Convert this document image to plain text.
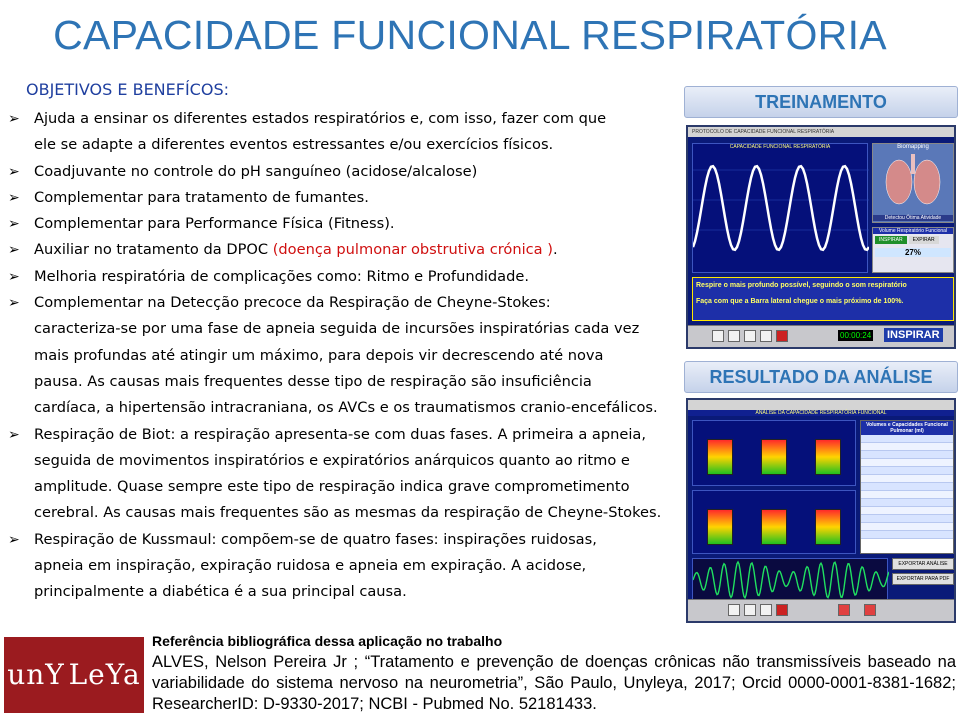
CAPACIDADE FUNCIONAL RESPIRATÓRIA
OBJETIVOS E BENEFÍCOS:
➢ Ajuda a ensinar os diferentes estados respiratórios e, com isso, fazer com que
ele se adapte a diferentes eventos estressantes e/ou exercícios físicos.
➢ Coadjuvante no controle do pH sanguíneo (acidose/alcalose)
➢ Complementar para tratamento de fumantes.
➢ Complementar para Performance Física (Fitness).
➢ Auxiliar no tratamento da DPOC (doença pulmonar obstrutiva crónica ).
➢ Melhoria respiratória de complicações como: Ritmo e Profundidade.
➢ Complementar na Detecção precoce da Respiração de Cheyne-Stokes:
caracteriza-se por uma fase de apneia seguida de incursões inspiratórias cada vez
mais profundas até atingir um máximo, para depois vir decrescendo até nova
pausa. As causas mais frequentes desse tipo de respiração são insuficiência
cardíaca, a hipertensão intracraniana, os AVCs e os traumatismos cranio-encefálicos.
➢ Respiração de Biot: a respiração apresenta-se com duas fases. A primeira a apneia,
seguida de movimentos inspiratórios e expiratórios anárquicos quanto ao ritmo e
amplitude. Quase sempre este tipo de respiração indica grave comprometimento
cerebral. As causas mais frequentes são as mesmas da respiração de Cheyne-Stokes.
➢ Respiração de Kussmaul: compõem-se de quatro fases: inspirações ruidosas,
apneia em inspiração, expiração ruidosa e apneia em expiração. A acidose,
principalmente a diabética é a sua principal causa.
TREINAMENTO
PROTOCOLO DE CAPACIDADE FUNCIONAL RESPIRATÓRIA
CAPACIDADE FUNCIONAL RESPIRATÓRIA	Biomapping
Detectou Ótima Atividade
Volume Respiratório Funcional
INSPIRAR	EXPIRAR
27%
Respire o mais profundo possível, seguindo o som respiratório
Faça com que a Barra lateral chegue o mais próximo de 100%.
00:00:24 INSPIRAR
RESULTADO DA ANÁLISE
ANÁLISE DA CAPACIDADE RESPIRATÓRIA FUNCIONAL
Volumes e Capacidades Funcional Pulmonar (ml)
EXPORTAR ANÁLISE
EXPORTAR PARA PDF
unY LeYa
Referência bibliográfica dessa aplicação no trabalho
ALVES, Nelson Pereira Jr ; “Tratamento e prevenção de doenças crônicas não transmissíveis baseado na variabilidade do sistema nervoso na neurometria”, São Paulo, Unyleya, 2017; Orcid 0000-0001-8381-1682; ResearcherID: D-9330-2017; NCBI - Pubmed No. 52181433.
